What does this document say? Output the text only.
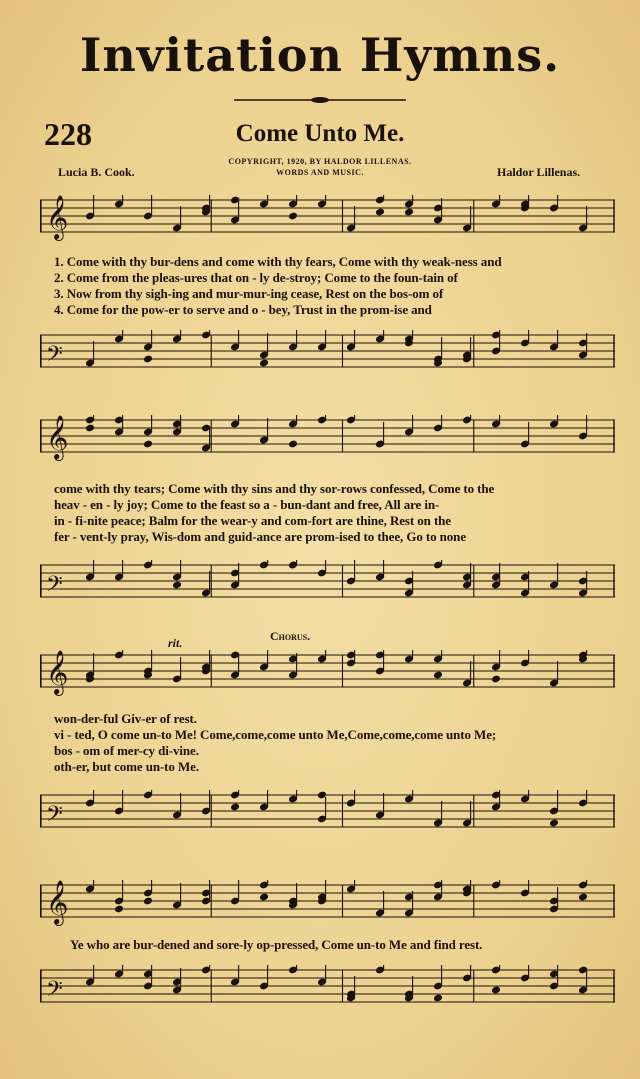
Invitation Hymns.
228	Come Unto Me.
COPYRIGHT, 1920, BY HALDOR LILLENAS.
WORDS AND MUSIC.
Lucia B. Cook.	Haldor Lillenas.
𝄞
1. Come with thy bur-dens and come with thy fears, Come with thy weak-ness and
2. Come from the pleas-ures that on - ly de-stroy; Come to the foun-tain of
3. Now from thy sigh-ing and mur-mur-ing cease, Rest on the bos-om of
4. Come for the pow-er to serve and o - bey, Trust in the prom-ise and
𝄢
𝄞
come with thy tears; Come with thy sins and thy sor-rows confessed, Come to the
heav - en - ly joy; Come to the feast so a - bun-dant and free, All are in-
in - fi-nite peace; Balm for the wear-y and com-fort are thine, Rest on the
fer - vent-ly pray, Wis-dom and guid-ance are prom-ised to thee, Go to none
𝄢
rit.	Chorus.
𝄞
won-der-ful Giv-er of rest.
vi - ted, O come un-to Me! Come,come,come unto Me,Come,come,come unto Me;
bos - om of mer-cy di-vine.
oth-er, but come un-to Me.
𝄢
𝄞
Ye who are bur-dened and sore-ly op-pressed, Come un-to Me and find rest.
𝄢
